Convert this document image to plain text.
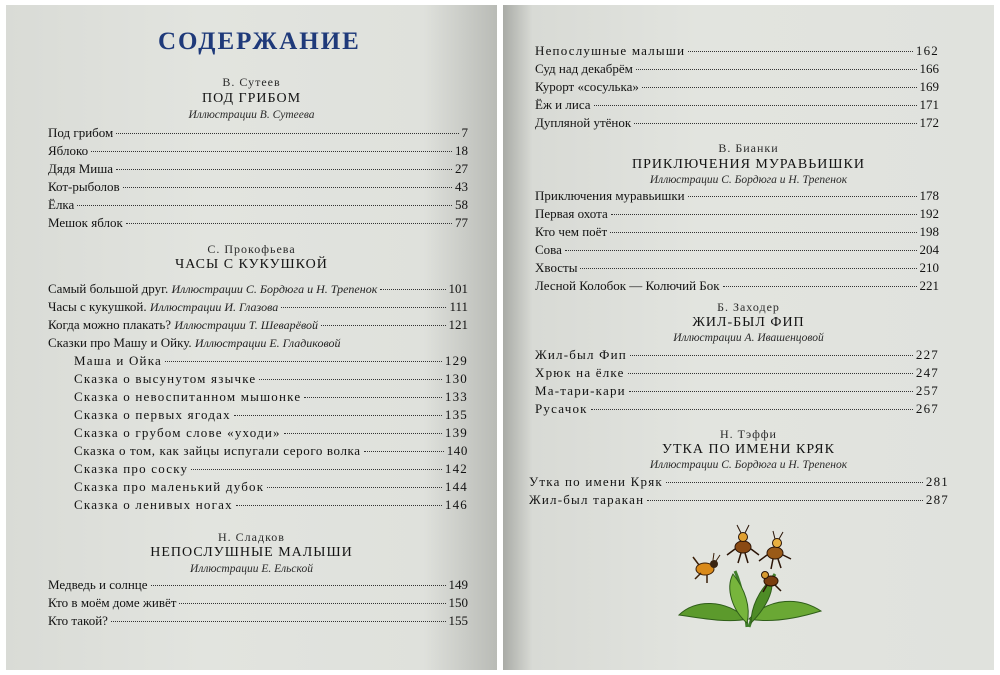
СОДЕРЖАНИЕ
В. Сутеев
ПОД ГРИБОМ
Иллюстрации В. Сутеева
Под грибом	7
Яблоко	18
Дядя Миша	27
Кот-рыболов	43
Ёлка	58
Мешок яблок	77
С. Прокофьева
ЧАСЫ С КУКУШКОЙ
Самый большой друг. Иллюстрации С. Бордюга и Н. Трепенок	101
Часы с кукушкой. Иллюстрации И. Глазова	111
Когда можно плакать? Иллюстрации Т. Шеварёвой	121
Сказки про Машу и Ойку. Иллюстрации Е. Гладиковой
Маша и Ойка	129
Сказка о высунутом язычке	130
Сказка о невоспитанном мышонке	133
Сказка о первых ягодах	135
Сказка о грубом слове «уходи»	139
Сказка о том, как зайцы испугали серого волка	140
Сказка про соску	142
Сказка про маленький дубок	144
Сказка о ленивых ногах	146
Н. Сладков
НЕПОСЛУШНЫЕ МАЛЫШИ
Иллюстрации Е. Ельской
Медведь и солнце	149
Кто в моём доме живёт	150
Кто такой?	155
Непослушные малыши	162
Суд над декабрём	166
Курорт «сосулька»	169
Ёж и лиса	171
Дупляной утёнок	172
В. Бианки
ПРИКЛЮЧЕНИЯ МУРАВЬИШКИ
Иллюстрации С. Бордюга и Н. Трепенок
Приключения муравьишки	178
Первая охота	192
Кто чем поёт	198
Сова	204
Хвосты	210
Лесной Колобок — Колючий Бок	221
Б. Заходер
ЖИЛ-БЫЛ ФИП
Иллюстрации А. Ивашенцовой
Жил-был Фип	227
Хрюк на ёлке	247
Ма-тари-кари	257
Русачок	267
Н. Тэффи
УТКА ПО ИМЕНИ КРЯК
Иллюстрации С. Бордюга и Н. Трепенок
Утка по имени Кряк	281
Жил-был таракан	287
